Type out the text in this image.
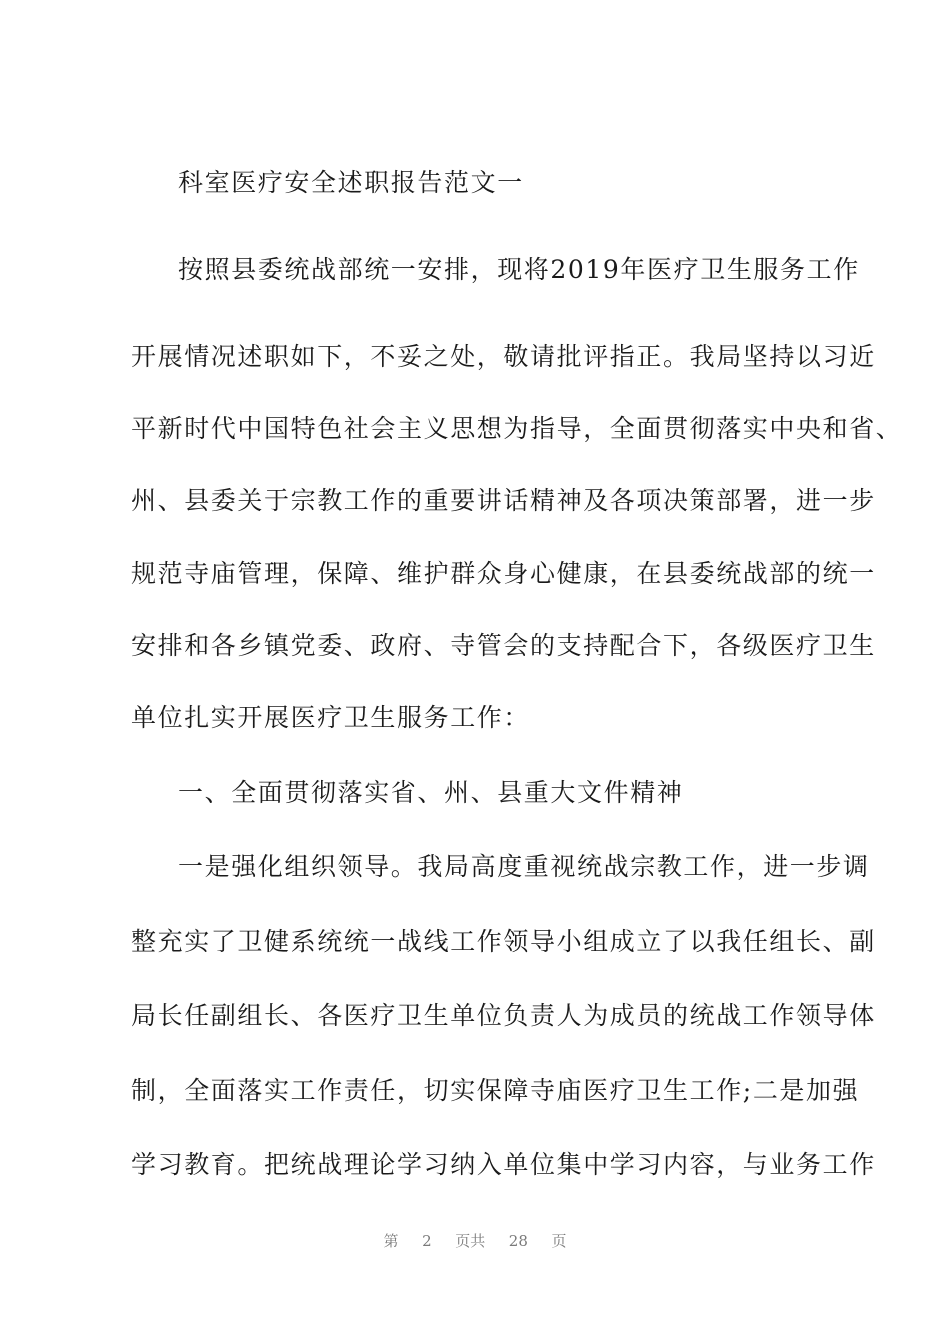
科室医疗安全述职报告范文一
按照县委统战部统一安排，现将2019年医疗卫生服务工作
开展情况述职如下，不妥之处，敬请批评指正。我局坚持以习近
平新时代中国特色社会主义思想为指导，全面贯彻落实中央和省、
州、县委关于宗教工作的重要讲话精神及各项决策部署，进一步
规范寺庙管理，保障、维护群众身心健康，在县委统战部的统一
安排和各乡镇党委、政府、寺管会的支持配合下，各级医疗卫生
单位扎实开展医疗卫生服务工作：
一、全面贯彻落实省、州、县重大文件精神
一是强化组织领导。我局高度重视统战宗教工作，进一步调
整充实了卫健系统统一战线工作领导小组成立了以我任组长、副
局长任副组长、各医疗卫生单位负责人为成员的统战工作领导体
制，全面落实工作责任，切实保障寺庙医疗卫生工作;二是加强
学习教育。把统战理论学习纳入单位集中学习内容，与业务工作
第 2 页共 28 页
